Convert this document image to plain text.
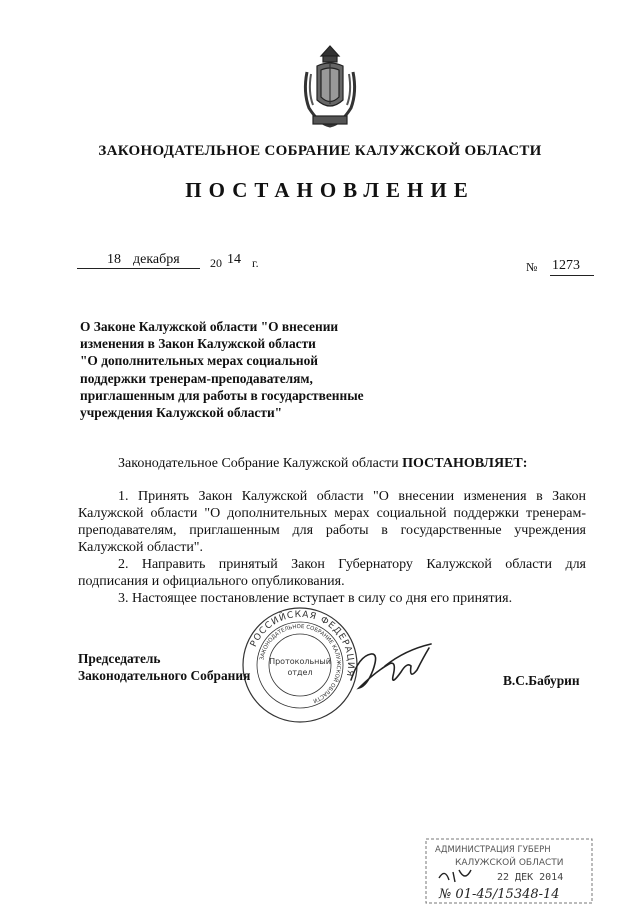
ЗАКОНОДАТЕЛЬНОЕ СОБРАНИЕ КАЛУЖСКОЙ ОБЛАСТИ
ПОСТАНОВЛЕНИЕ
18 декабря	20 14 г.	№ 1273
О Законе Калужской области "О внесении
изменения в Закон Калужской области
"О дополнительных мерах социальной
поддержки тренерам-преподавателям,
приглашенным для работы в государственные
учреждения Калужской области"
Законодательное Собрание Калужской области ПОСТАНОВЛЯЕТ:

1. Принять Закон Калужской области "О внесении изменения в Закон Калужской области "О дополнительных мерах социальной поддержки тренерам-преподавателям, приглашенным для работы в государственные учреждения Калужской области".

2. Направить принятый Закон Губернатору Калужской области для подписания и официального опубликования.

3. Настоящее постановление вступает в силу со дня его принятия.

РОССИЙСКАЯ ФЕДЕРАЦИЯ
ЗАКОНОДАТЕЛЬНОЕ СОБРАНИЕ КАЛУЖСКОЙ ОБЛАСТИ
Протокольный
отдел
Председатель
Законодательного Собрания	В.С.Бабурин
АДМИНИСТРАЦИЯ ГУБЕРН
КАЛУЖСКОЙ ОБЛАСТИ
22 ДЕК 2014
№ 01-45/15348-14
